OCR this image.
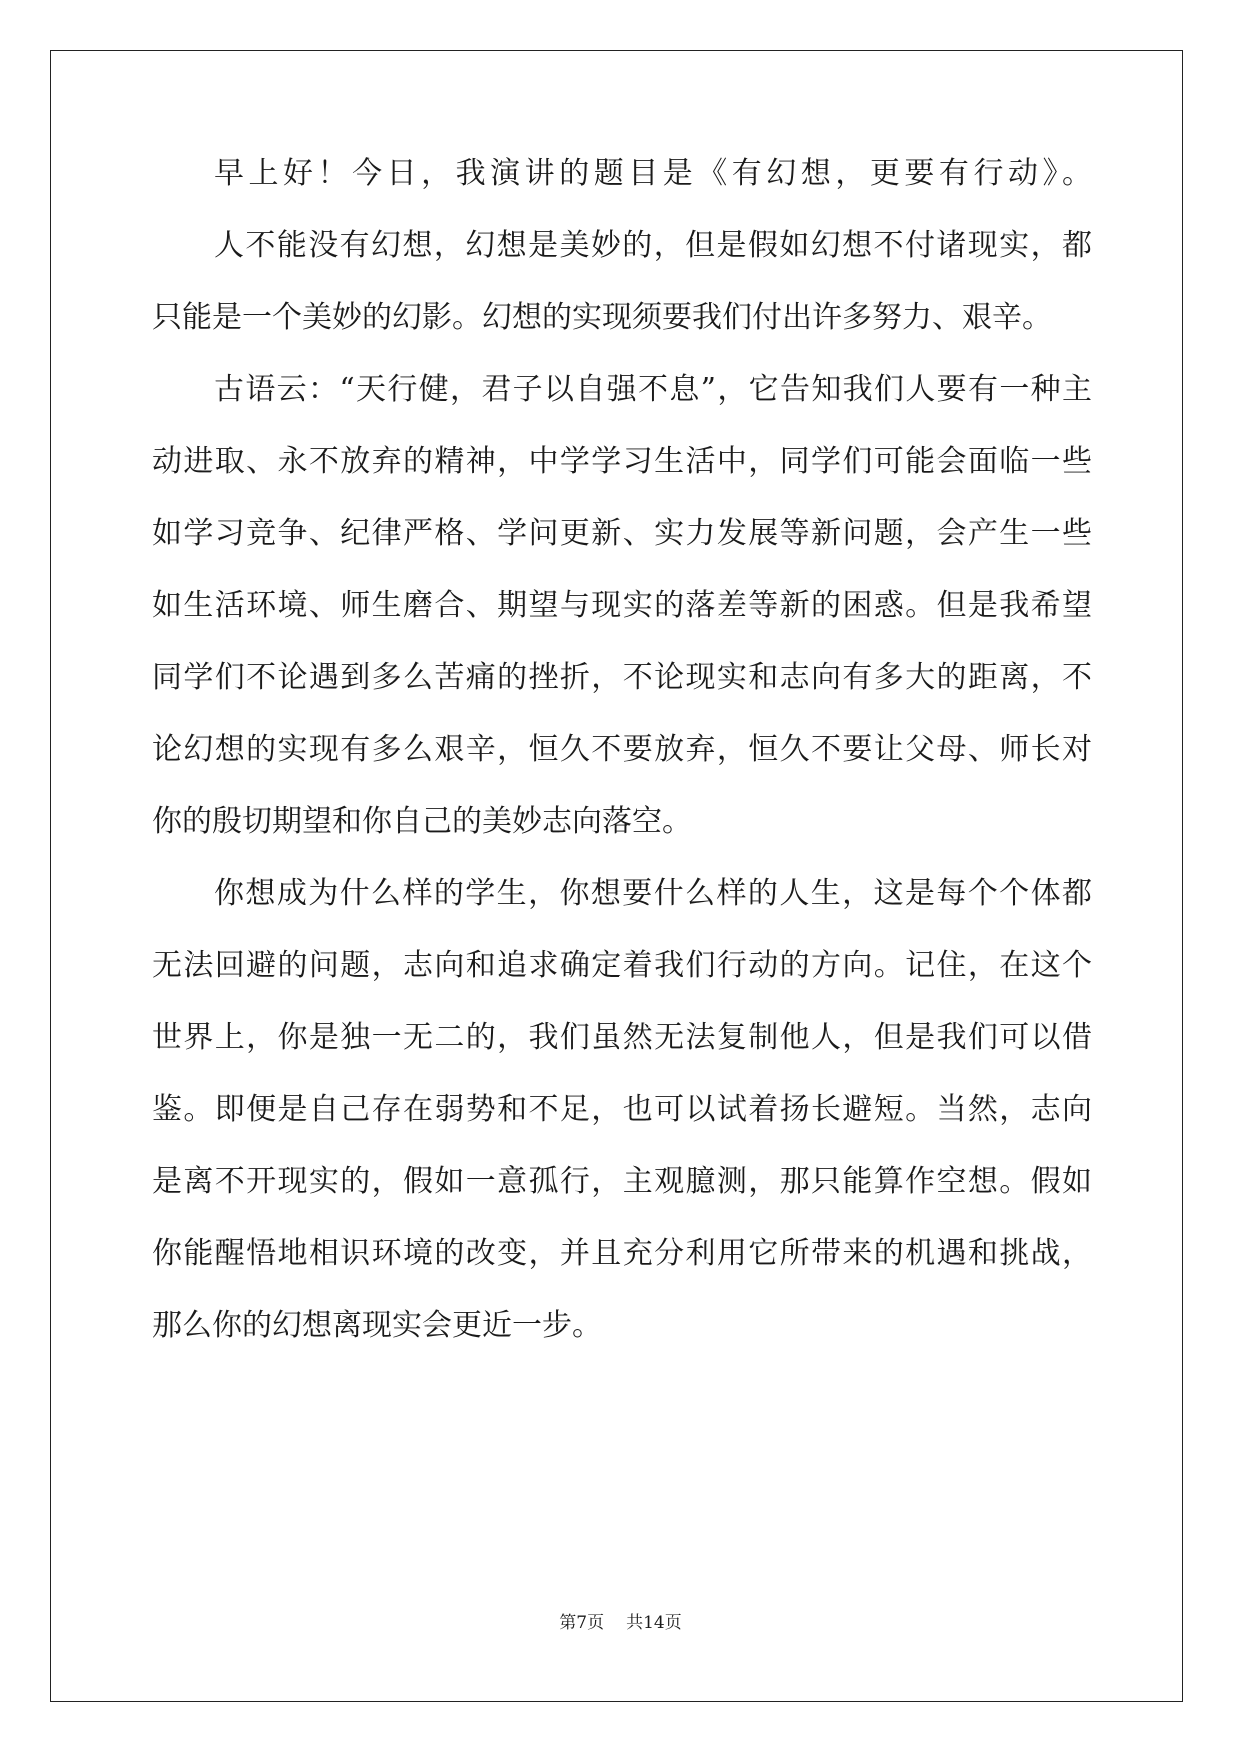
早上好！今日，我演讲的题目是《有幻想，更要有行动》。
人不能没有幻想，幻想是美妙的，但是假如幻想不付诸现实，都
只能是一个美妙的幻影。幻想的实现须要我们付出许多努力、艰辛。
古语云：“天行健，君子以自强不息”，它告知我们人要有一种主
动进取、永不放弃的精神，中学学习生活中，同学们可能会面临一些
如学习竞争、纪律严格、学问更新、实力发展等新问题，会产生一些
如生活环境、师生磨合、期望与现实的落差等新的困惑。但是我希望
同学们不论遇到多么苦痛的挫折，不论现实和志向有多大的距离，不
论幻想的实现有多么艰辛，恒久不要放弃，恒久不要让父母、师长对
你的殷切期望和你自己的美妙志向落空。
你想成为什么样的学生，你想要什么样的人生，这是每个个体都
无法回避的问题，志向和追求确定着我们行动的方向。记住，在这个
世界上，你是独一无二的，我们虽然无法复制他人，但是我们可以借
鉴。即便是自己存在弱势和不足，也可以试着扬长避短。当然，志向
是离不开现实的，假如一意孤行，主观臆测，那只能算作空想。假如
你能醒悟地相识环境的改变，并且充分利用它所带来的机遇和挑战，
那么你的幻想离现实会更近一步。
第7页 共14页
